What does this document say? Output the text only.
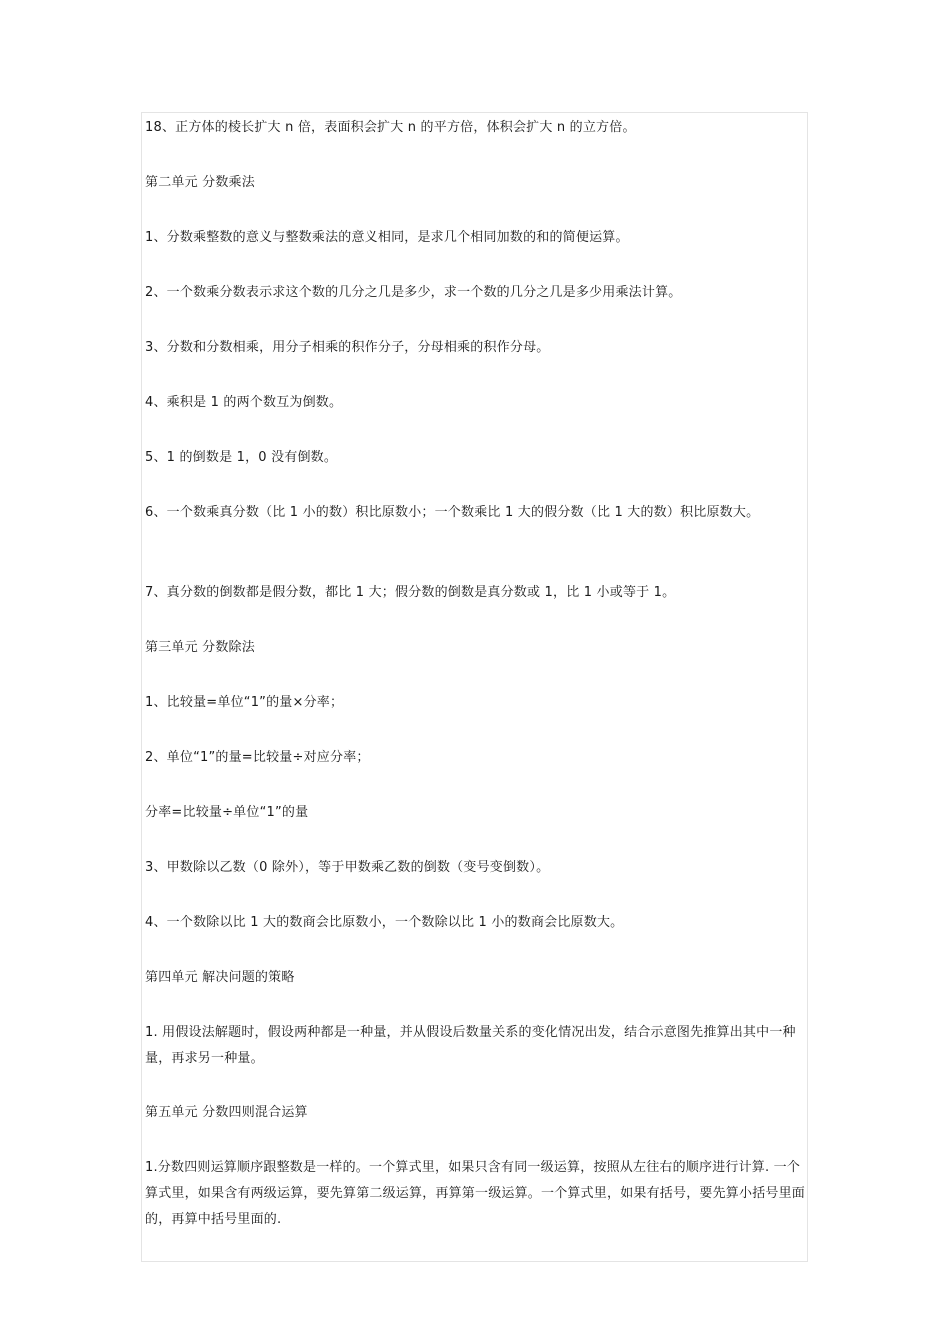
18、正方体的棱长扩大 n 倍，表面积会扩大 n 的平方倍，体积会扩大 n 的立方倍。

第二单元 分数乘法

1、分数乘整数的意义与整数乘法的意义相同，是求几个相同加数的和的简便运算。

2、一个数乘分数表示求这个数的几分之几是多少，求一个数的几分之几是多少用乘法计算。

3、分数和分数相乘，用分子相乘的积作分子，分母相乘的积作分母。

4、乘积是 1 的两个数互为倒数。

5、1 的倒数是 1，0 没有倒数。

6、一个数乘真分数（比 1 小的数）积比原数小；一个数乘比 1 大的假分数（比 1 大的数）积比原数大。

7、真分数的倒数都是假分数，都比 1 大；假分数的倒数是真分数或 1，比 1 小或等于 1。

第三单元 分数除法

1、比较量=单位“1”的量×分率；

2、单位“1”的量=比较量÷对应分率；

分率=比较量÷单位“1”的量

3、甲数除以乙数（0 除外），等于甲数乘乙数的倒数（变号变倒数）。

4、一个数除以比 1 大的数商会比原数小，一个数除以比 1 小的数商会比原数大。

第四单元 解决问题的策略

1. 用假设法解题时，假设两种都是一种量，并从假设后数量关系的变化情况出发，结合示意图先推算出其中一种量，再求另一种量。

第五单元 分数四则混合运算

1.分数四则运算顺序跟整数是一样的。一个算式里，如果只含有同一级运算，按照从左往右的顺序进行计算. 一个算式里，如果含有两级运算，要先算第二级运算，再算第一级运算。一个算式里，如果有括号，要先算小括号里面的，再算中括号里面的.
